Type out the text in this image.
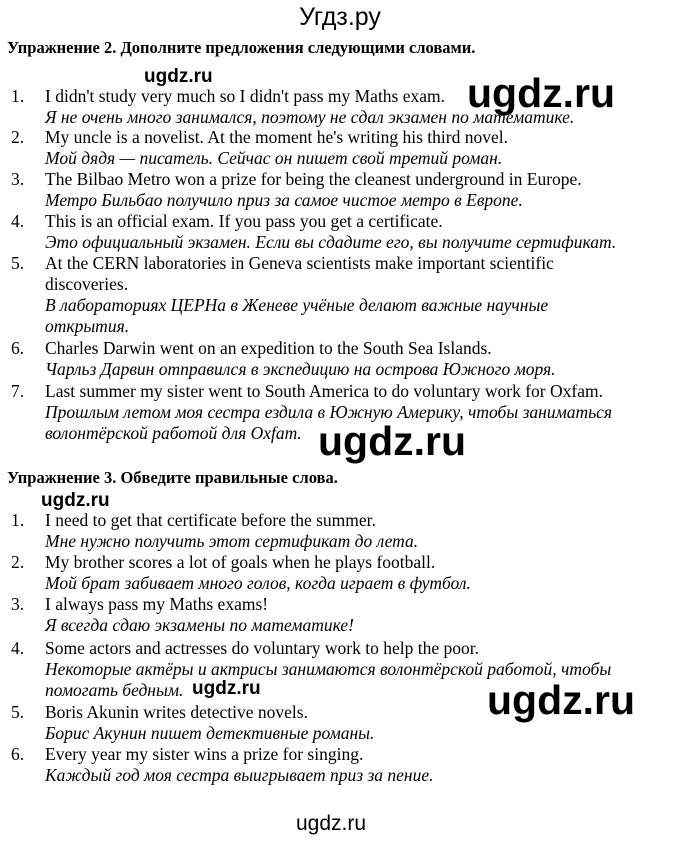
Угдз.ру
Упражнение 2. Дополните предложения следующими словами.
1. I didn't study very much so I didn't pass my Maths exam.
Я не очень много занимался, поэтому не сдал экзамен по математике.
2. My uncle is a novelist. At the moment he's writing his third novel.
Мой дядя — писатель. Сейчас он пишет свой третий роман.
3. The Bilbao Metro won a prize for being the cleanest underground in Europe.
Метро Бильбао получило приз за самое чистое метро в Европе.
4. This is an official exam. If you pass you get a certificate.
Это официальный экзамен. Если вы сдадите его, вы получите сертификат.
5. At the CERN laboratories in Geneva scientists make important scientific
discoveries.
В лабораториях ЦЕРНа в Женеве учёные делают важные научные
открытия.
6. Charles Darwin went on an expedition to the South Sea Islands.
Чарльз Дарвин отправился в экспедицию на острова Южного моря.
7. Last summer my sister went to South America to do voluntary work for Oxfam.
Прошлым летом моя сестра ездила в Южную Америку, чтобы заниматься
волонтёрской работой для Oxfam.
Упражнение 3. Обведите правильные слова.
1. I need to get that certificate before the summer.
Мне нужно получить этот сертификат до лета.
2. My brother scores a lot of goals when he plays football.
Мой брат забивает много голов, когда играет в футбол.
3. I always pass my Maths exams!
Я всегда сдаю экзамены по математике!
4. Some actors and actresses do voluntary work to help the poor.
Некоторые актёры и актрисы занимаются волонтёрской работой, чтобы
помогать бедным.
5. Boris Akunin writes detective novels.
Борис Акунин пишет детективные романы.
6. Every year my sister wins a prize for singing.
Каждый год моя сестра выигрывает приз за пение.
ugdz.ru	ugdz.ru
ugdz.ru
ugdz.ru
ugdz.ru	ugdz.ru
ugdz.ru
